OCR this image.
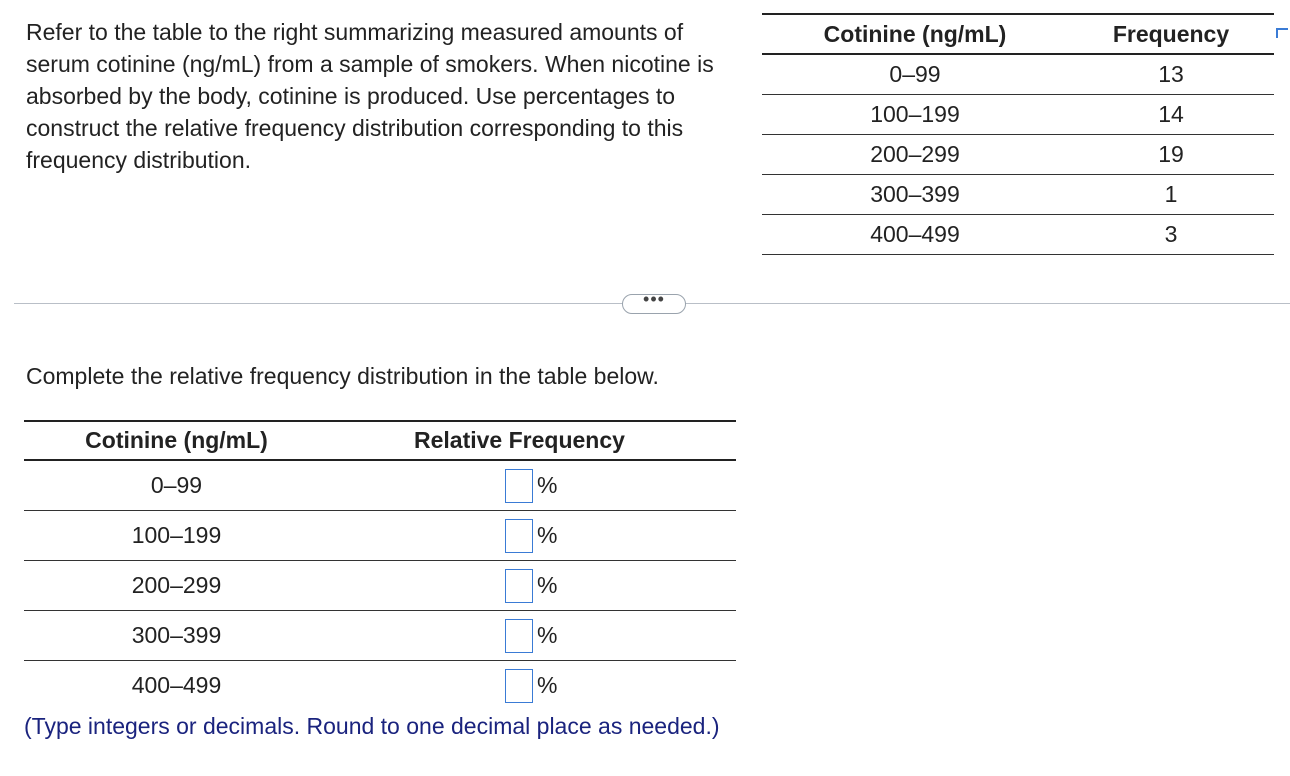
Refer to the table to the right summarizing measured amounts of serum cotinine (ng/mL) from a sample of smokers. When nicotine is absorbed by the body, cotinine is produced. Use percentages to construct the relative frequency distribution corresponding to this frequency distribution.
Cotinine (ng/mL)	Frequency
0–99	13
100–199	14
200–299	19
300–399	1
400–499	3
•••
Complete the relative frequency distribution in the table below.
Cotinine (ng/mL)	Relative Frequency
0–99	%

100–199	%

200–299	%

300–399	%

400–499	%
(Type integers or decimals. Round to one decimal place as needed.)
